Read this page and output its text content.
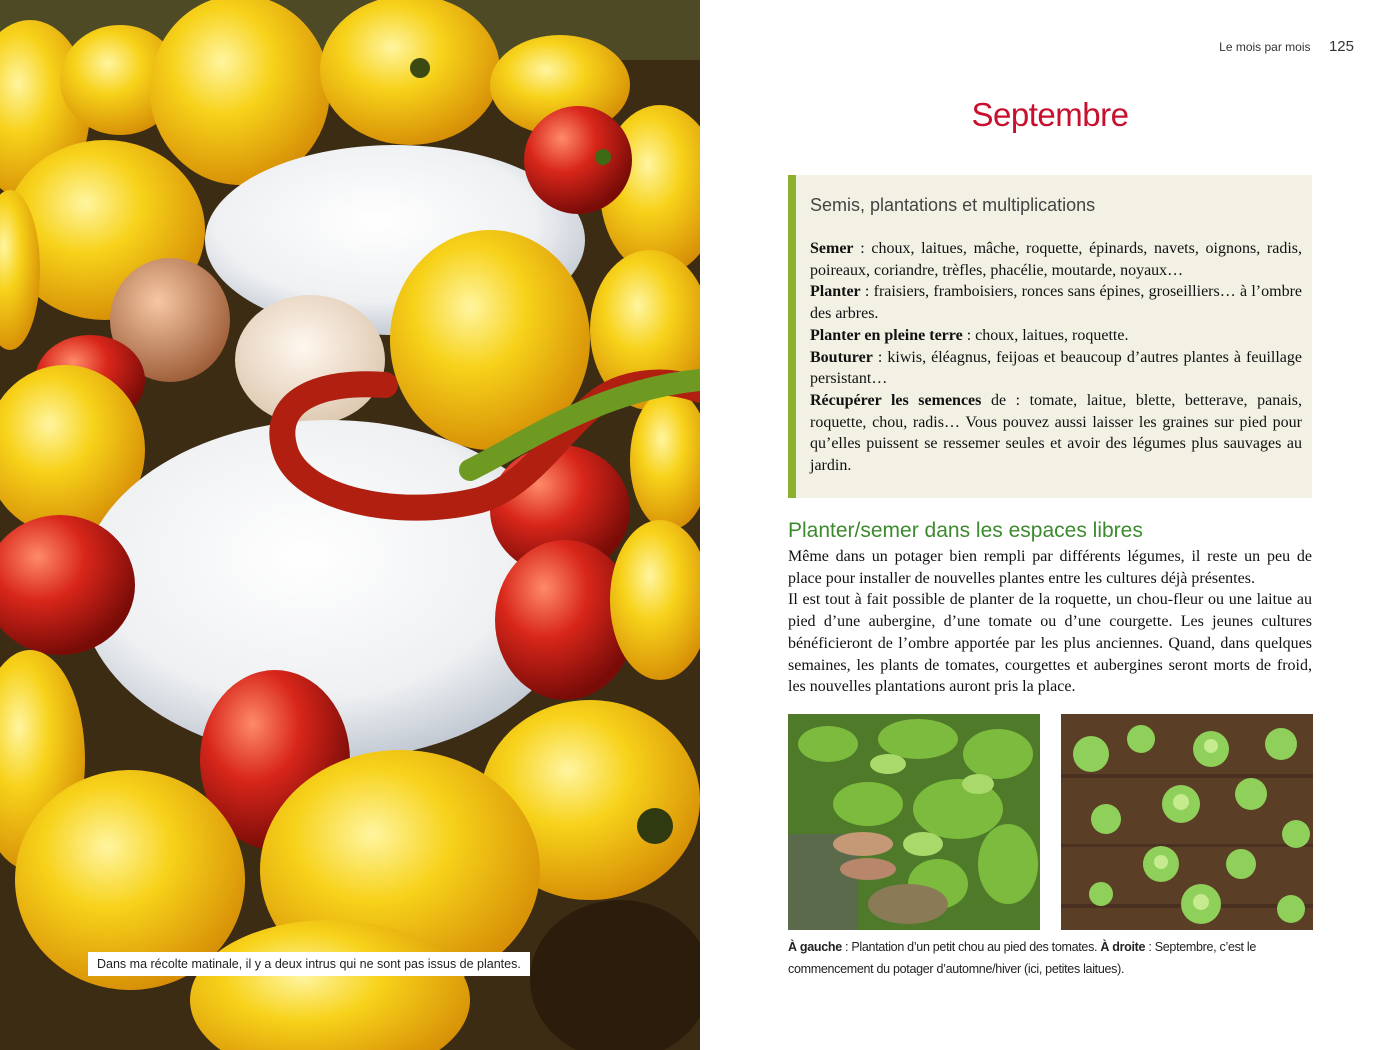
Dans ma récolte matinale, il y a deux intrus qui ne sont pas issus de plantes.
Le mois par mois 125
Septembre
Semis, plantations et multiplications

Semer : choux, laitues, mâche, roquette, épinards, navets, oignons, radis, poireaux, coriandre, trèfles, phacélie, moutarde, noyaux…

Planter : fraisiers, framboisiers, ronces sans épines, groseilliers… à l’ombre des arbres.

Planter en pleine terre : choux, laitues, roquette.

Bouturer : kiwis, éléagnus, feijoas et beaucoup d’autres plantes à feuillage persistant…

Récupérer les semences de : tomate, laitue, blette, betterave, panais, roquette, chou, radis… Vous pouvez aussi laisser les graines sur pied pour qu’elles puissent se ressemer seules et avoir des légumes plus sauvages au jardin.

Planter/semer dans les espaces libres

Même dans un potager bien rempli par différents légumes, il reste un peu de place pour installer de nouvelles plantes entre les cultures déjà présentes.

Il est tout à fait possible de planter de la roquette, un chou-fleur ou une laitue au pied d’une aubergine, d’une tomate ou d’une courgette. Les jeunes cultures bénéficieront de l’ombre apportée par les plus anciennes. Quand, dans quelques semaines, les plants de tomates, courgettes et aubergines seront morts de froid, les nouvelles plantations auront pris la place.

À gauche : Plantation d’un petit chou au pied des tomates. À droite : Septembre, c’est le commencement du potager d’automne/hiver (ici, petites laitues).
